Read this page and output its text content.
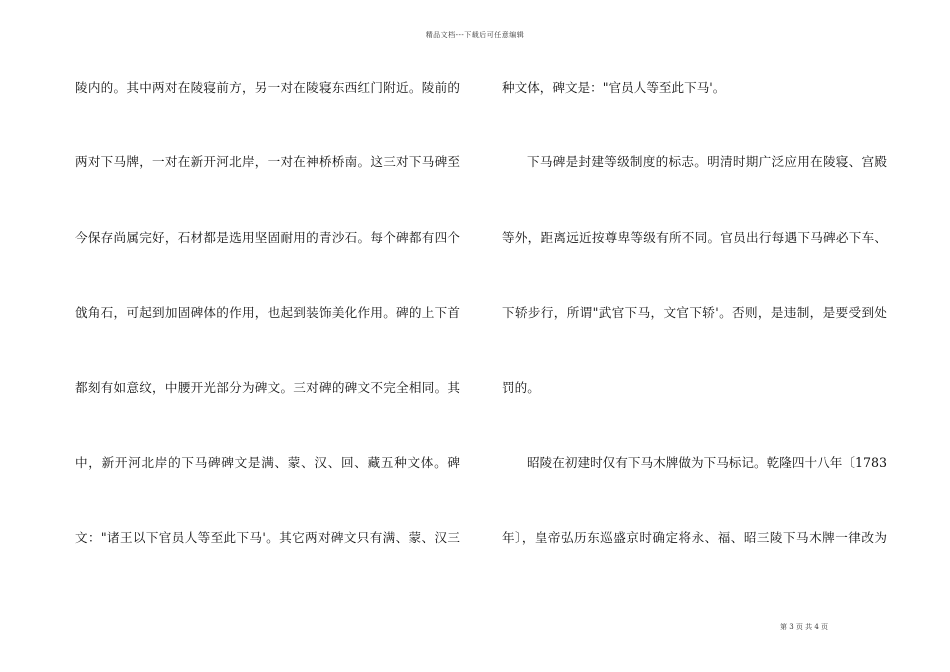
精品文档---下载后可任意编辑
陵内的。其中两对在陵寝前方，另一对在陵寝东西红门附近。陵前的
两对下马牌，一对在新开河北岸，一对在神桥桥南。这三对下马碑至
今保存尚属完好，石材都是选用坚固耐用的青沙石。每个碑都有四个
戗角石，可起到加固碑体的作用，也起到装饰美化作用。碑的上下首
都刻有如意纹，中腰开光部分为碑文。三对碑的碑文不完全相同。其
中，新开河北岸的下马碑碑文是满、蒙、汉、回、藏五种文体。碑
文："诸王以下官员人等至此下马'。其它两对碑文只有满、蒙、汉三
种文体，碑文是："官员人等至此下马'。
下马碑是封建等级制度的标志。明清时期广泛应用在陵寝、宫殿
等外，距离远近按尊卑等级有所不同。官员出行每遇下马碑必下车、
下轿步行，所谓"武官下马，文官下轿'。否则，是违制，是要受到处
罚的。
昭陵在初建时仅有下马木牌做为下马标记。乾隆四十八年〔1783
年〕，皇帝弘历东巡盛京时确定将永、福、昭三陵下马木牌一律改为
第 3 页 共 4 页
